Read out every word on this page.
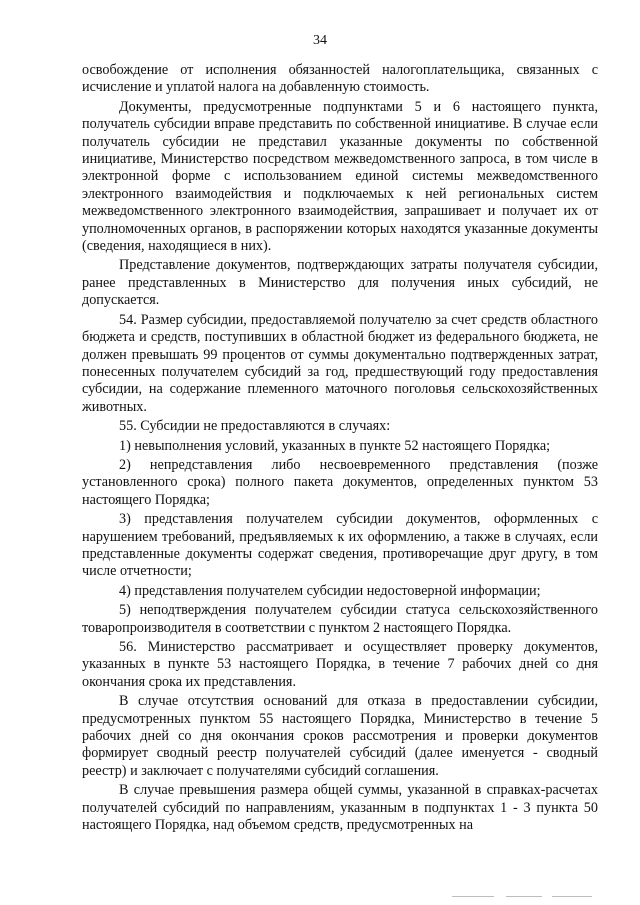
34

освобождение от исполнения обязанностей налогоплательщика, связанных с исчисление и уплатой налога на добавленную стоимость.

Документы, предусмотренные подпунктами 5 и 6 настоящего пункта, получатель субсидии вправе представить по собственной инициативе. В случае если получатель субсидии не представил указанные документы по собственной инициативе, Министерство посредством межведомственного запроса, в том числе в электронной форме с использованием единой системы межведомственного электронного взаимодействия и подключаемых к ней региональных систем межведомственного электронного взаимодействия, запрашивает и получает их от уполномоченных органов, в распоряжении которых находятся указанные документы (сведения, находящиеся в них).

Представление документов, подтверждающих затраты получателя субсидии, ранее представленных в Министерство для получения иных субсидий, не допускается.

54. Размер субсидии, предоставляемой получателю за счет средств областного бюджета и средств, поступивших в областной бюджет из федерального бюджета, не должен превышать 99 процентов от суммы документально подтвержденных затрат, понесенных получателем субсидий за год, предшествующий году предоставления субсидии, на содержание племенного маточного поголовья сельскохозяйственных животных.

55. Субсидии не предоставляются в случаях:

1) невыполнения условий, указанных в пункте 52 настоящего Порядка;

2) непредставления либо несвоевременного представления (позже установленного срока) полного пакета документов, определенных пунктом 53 настоящего Порядка;

3) представления получателем субсидии документов, оформленных с нарушением требований, предъявляемых к их оформлению, а также в случаях, если представленные документы содержат сведения, противоречащие друг другу, в том числе отчетности;

4) представления получателем субсидии недостоверной информации;

5) неподтверждения получателем субсидии статуса сельскохозяйственного товаропроизводителя в соответствии с пунктом 2 настоящего Порядка.

56. Министерство рассматривает и осуществляет проверку документов, указанных в пункте 53 настоящего Порядка, в течение 7 рабочих дней со дня окончания срока их представления.

В случае отсутствия оснований для отказа в предоставлении субсидии, предусмотренных пунктом 55 настоящего Порядка, Министерство в течение 5 рабочих дней со дня окончания сроков рассмотрения и проверки документов формирует сводный реестр получателей субсидий (далее именуется - сводный реестр) и заключает с получателями субсидий соглашения.

В случае превышения размера общей суммы, указанной в справках-расчетах получателей субсидий по направлениям, указанным в подпунктах 1 - 3 пункта 50 настоящего Порядка, над объемом средств, предусмотренных на
